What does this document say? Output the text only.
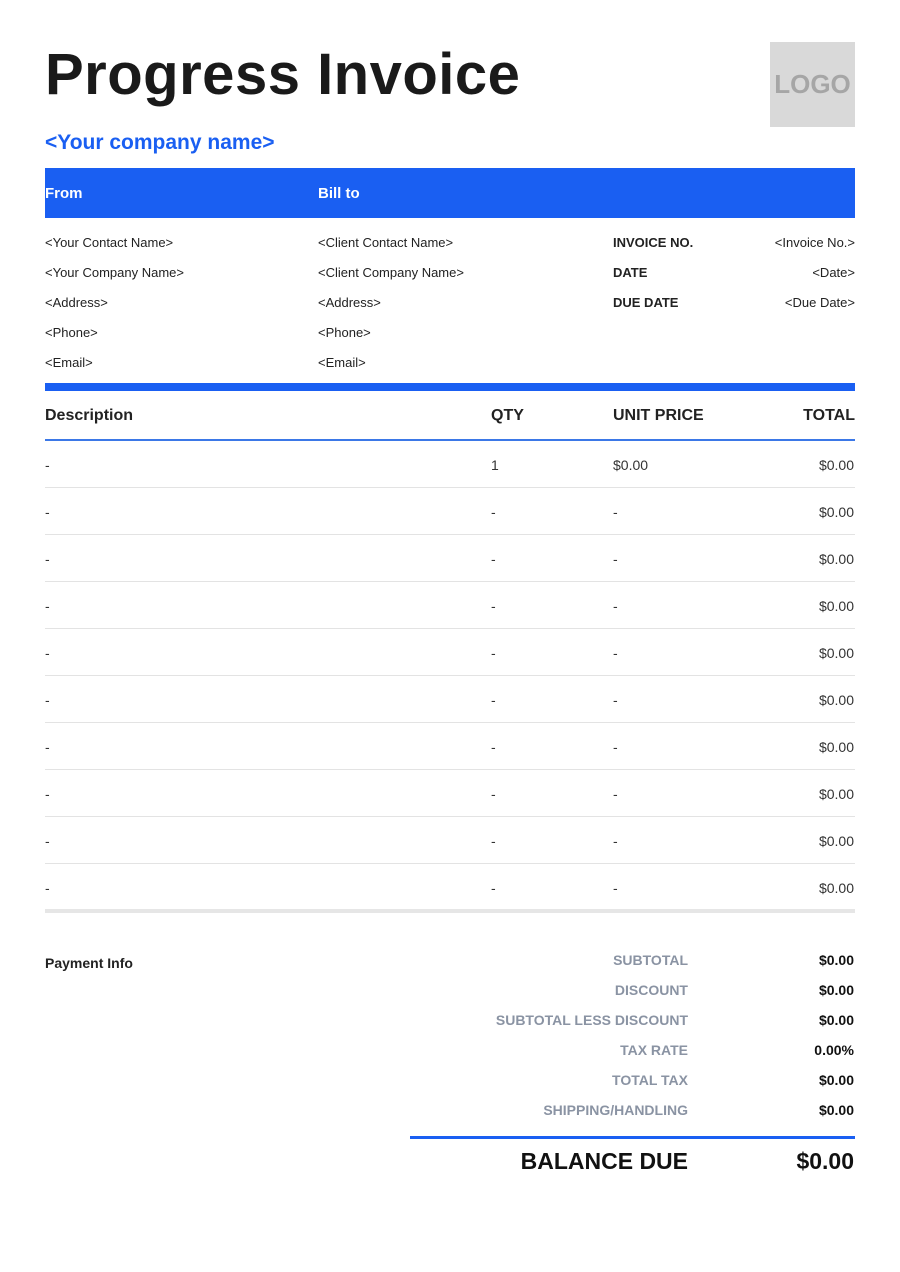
Progress Invoice	LOGO
<Your company name>
From	Bill to
<Your Contact Name>
<Your Company Name>
<Address>
<Phone>
<Email>
<Client Contact Name>
<Client Company Name>
<Address>
<Phone>
<Email>
INVOICE NO.	<Invoice No.>
DATE	<Date>
DUE DATE	<Due Date>
Description	QTY	UNIT PRICE	TOTAL
-	1	$0.00	$0.00
-	-	-	$0.00
-	-	-	$0.00
-	-	-	$0.00
-	-	-	$0.00
-	-	-	$0.00
-	-	-	$0.00
-	-	-	$0.00
-	-	-	$0.00
-	-	-	$0.00
Payment Info	SUBTOTAL	$0.00
DISCOUNT	$0.00
SUBTOTAL LESS DISCOUNT	$0.00
TAX RATE	0.00%
TOTAL TAX	$0.00
SHIPPING/HANDLING	$0.00
BALANCE DUE	$0.00
